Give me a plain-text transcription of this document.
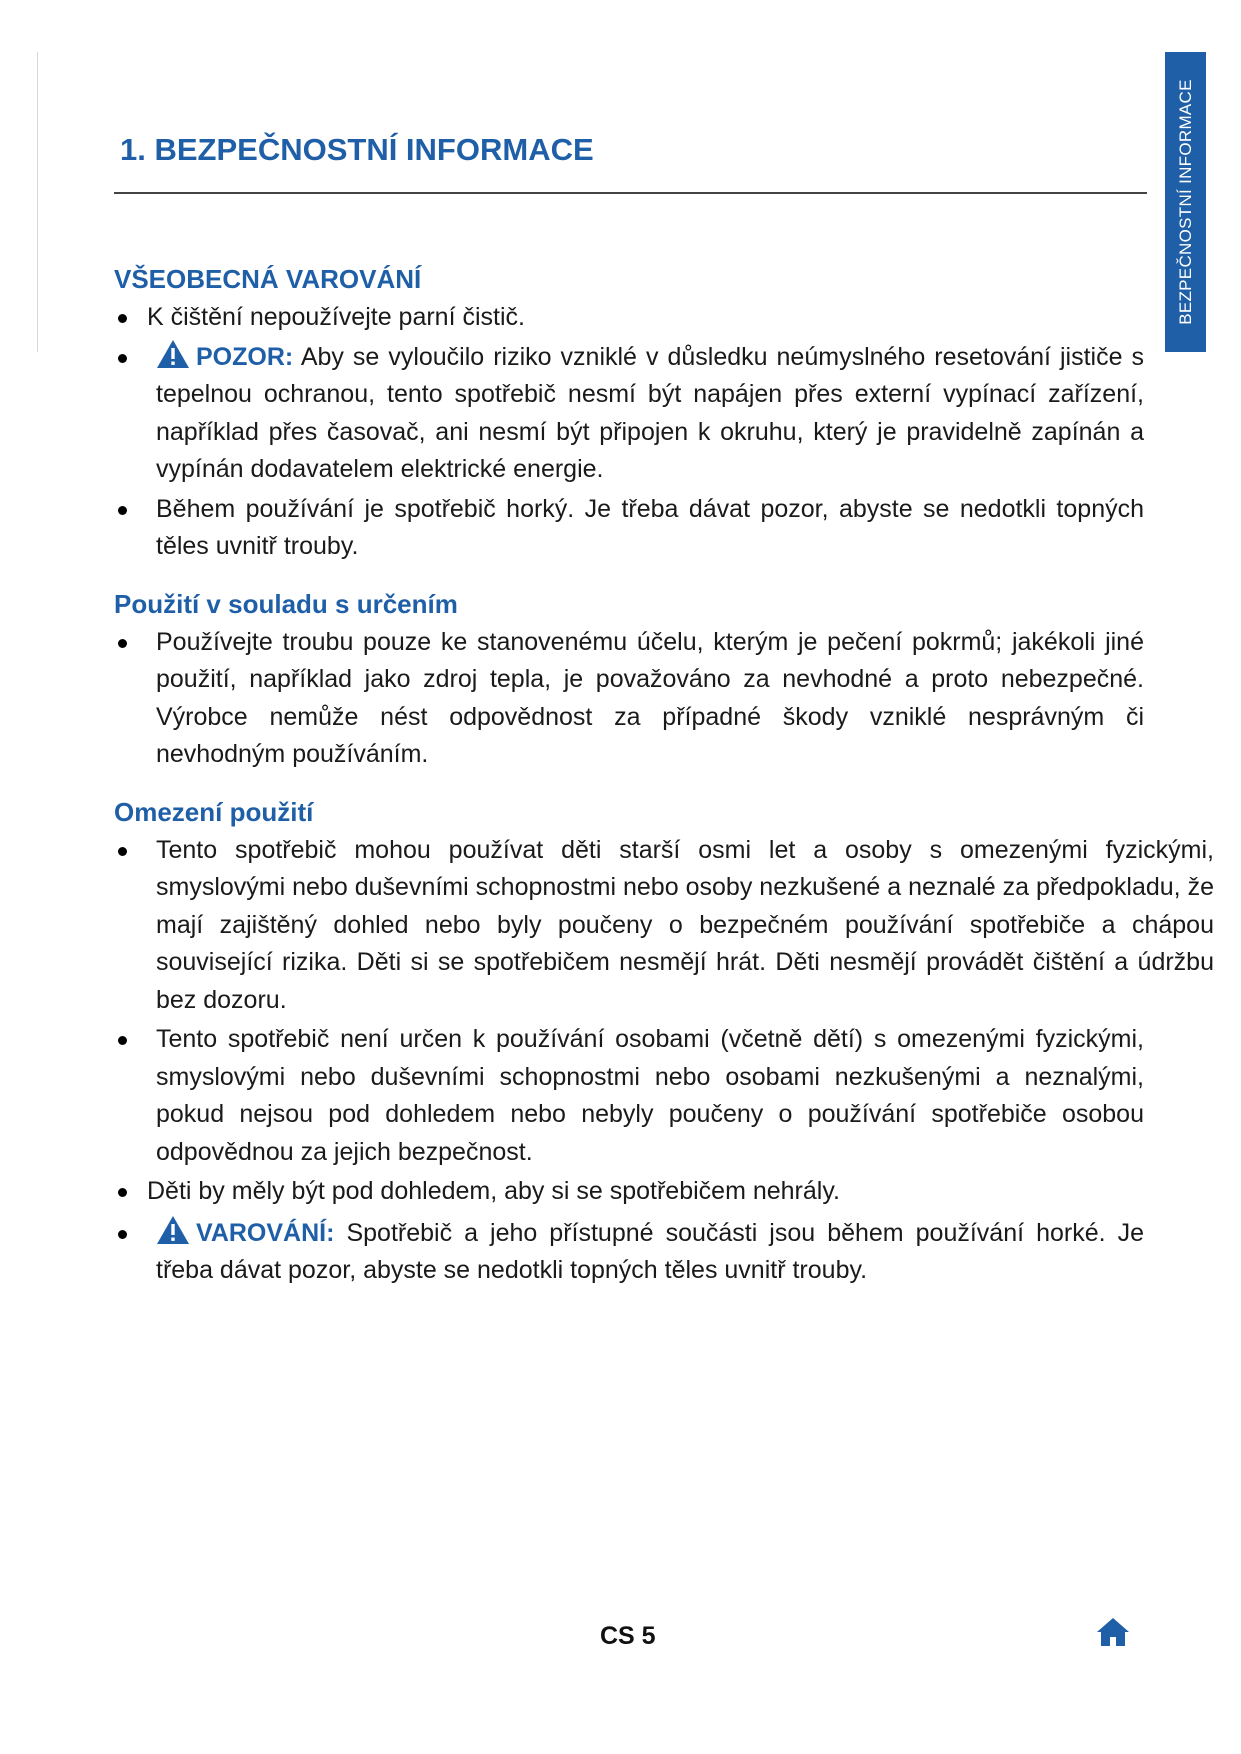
BEZPEČNOSTNÍ INFORMACE
1. BEZPEČNOSTNÍ INFORMACE
VŠEOBECNÁ VAROVÁNÍ
K čištění nepoužívejte parní čistič.
POZOR: Aby se vyloučilo riziko vzniklé v důsledku neúmyslného resetování jističe s tepelnou ochranou, tento spotřebič nesmí být napájen přes externí vypínací zařízení, například přes časovač, ani nesmí být připojen k okruhu, který je pravidelně zapínán a vypínán dodavatelem elektrické energie.
Během používání je spotřebič horký. Je třeba dávat pozor, abyste se nedotkli topných těles uvnitř trouby.
Použití v souladu s určením
Používejte troubu pouze ke stanovenému účelu, kterým je pečení pokrmů; jakékoli jiné použití, například jako zdroj tepla, je považováno za nevhodné a proto nebezpečné. Výrobce nemůže nést odpovědnost za případné škody vzniklé nesprávným či nevhodným používáním.
Omezení použití
Tento spotřebič mohou používat děti starší osmi let a osoby s omezenými fyzickými, smyslovými nebo duševními schopnostmi nebo osoby nezkušené a neznalé za předpokladu, že mají zajištěný dohled nebo byly poučeny o bezpečném používání spotřebiče a chápou související rizika. Děti si se spotřebičem nesmějí hrát. Děti nesmějí provádět čištění a údržbu bez dozoru.
Tento spotřebič není určen k používání osobami (včetně dětí) s omezenými fyzickými, smyslovými nebo duševními schopnostmi nebo osobami nezkušenými a neznalými, pokud nejsou pod dohledem nebo nebyly poučeny o používání spotřebiče osobou odpovědnou za jejich bezpečnost.
Děti by měly být pod dohledem, aby si se spotřebičem nehrály.
VAROVÁNÍ: Spotřebič a jeho přístupné součásti jsou během používání horké. Je třeba dávat pozor, abyste se nedotkli topných těles uvnitř trouby.
CS 5
